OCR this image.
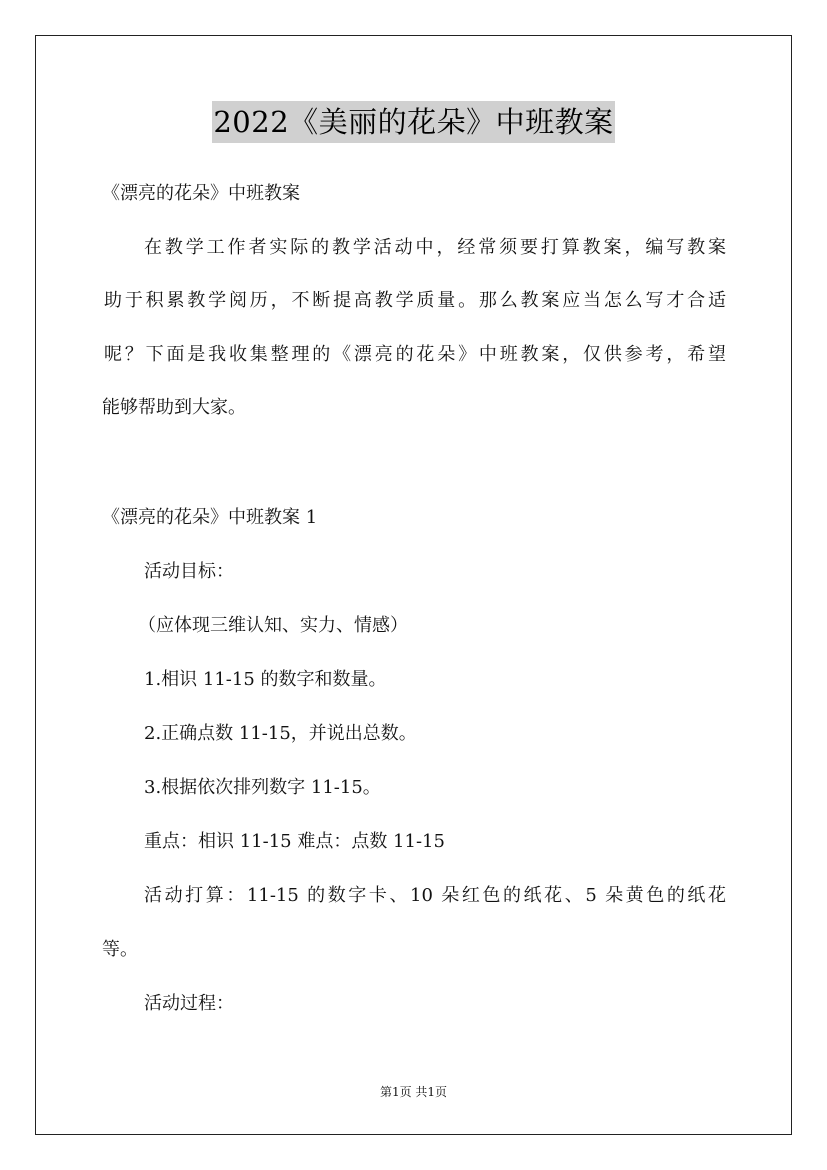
2022《美丽的花朵》中班教案
《漂亮的花朵》中班教案
在教学工作者实际的教学活动中，经常须要打算教案，编写教案
助于积累教学阅历，不断提高教学质量。那么教案应当怎么写才合适
呢？下面是我收集整理的《漂亮的花朵》中班教案，仅供参考，希望
能够帮助到大家。
《漂亮的花朵》中班教案 1
活动目标：
（应体现三维认知、实力、情感）
1.相识 11-15 的数字和数量。
2.正确点数 11-15，并说出总数。
3.根据依次排列数字 11-15。
重点：相识 11-15 难点：点数 11-15
活动打算：11-15 的数字卡、10 朵红色的纸花、5 朵黄色的纸花
等。
活动过程：
第1页 共1页
